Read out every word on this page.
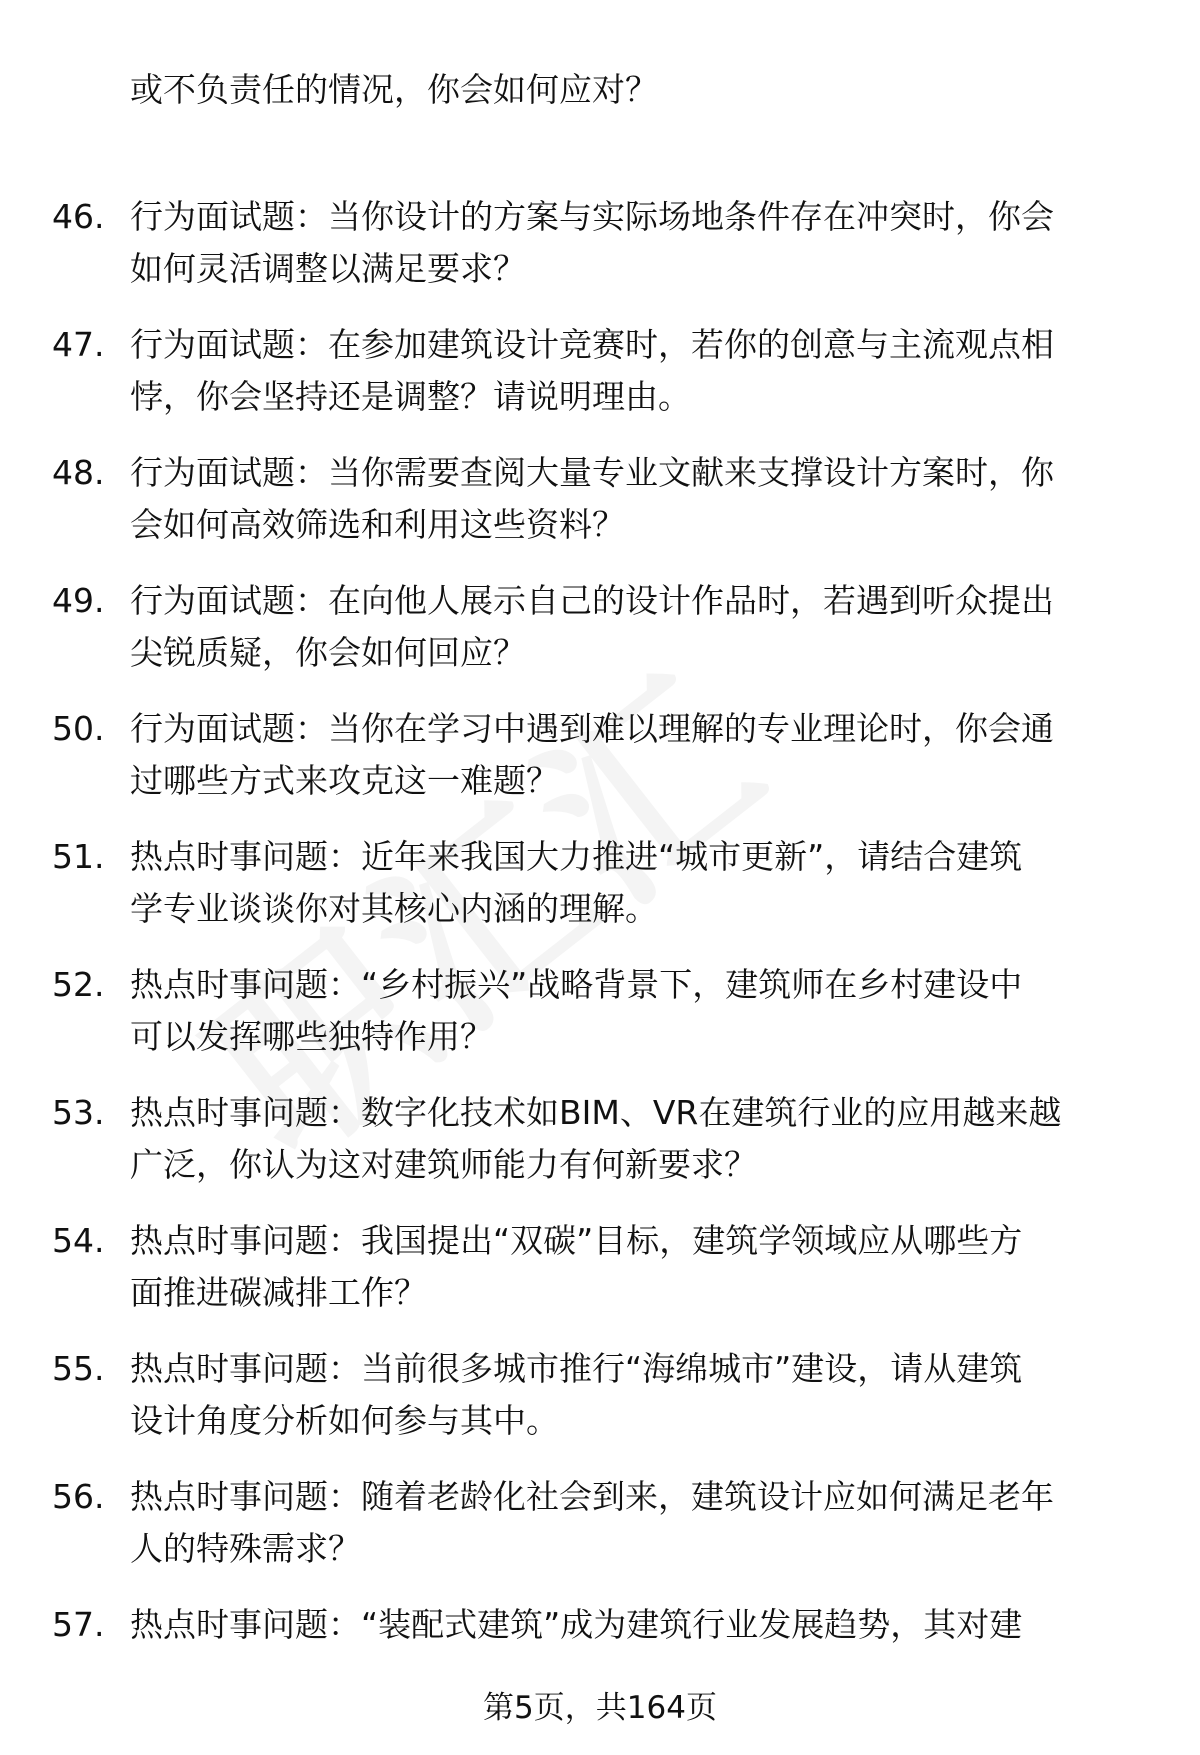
或不负责任的情况，你会如何应对？
46. 行为面试题：当你设计的方案与实际场地条件存在冲突时，你会
如何灵活调整以满足要求？
47. 行为面试题：在参加建筑设计竞赛时，若你的创意与主流观点相
悖，你会坚持还是调整？请说明理由。
48. 行为面试题：当你需要查阅大量专业文献来支撑设计方案时，你
会如何高效筛选和利用这些资料？
49. 行为面试题：在向他人展示自己的设计作品时，若遇到听众提出
尖锐质疑，你会如何回应？
50. 行为面试题：当你在学习中遇到难以理解的专业理论时，你会通
过哪些方式来攻克这一难题？
51. 热点时事问题：近年来我国大力推进“城市更新”，请结合建筑
学专业谈谈你对其核心内涵的理解。
52. 热点时事问题：“乡村振兴”战略背景下，建筑师在乡村建设中
可以发挥哪些独特作用？
53. 热点时事问题：数字化技术如BIM、VR在建筑行业的应用越来越
广泛，你认为这对建筑师能力有何新要求？
54. 热点时事问题：我国提出“双碳”目标，建筑学领域应从哪些方
面推进碳减排工作？
55. 热点时事问题：当前很多城市推行“海绵城市”建设，请从建筑
设计角度分析如何参与其中。
56. 热点时事问题：随着老龄化社会到来，建筑设计应如何满足老年
人的特殊需求？
57. 热点时事问题：“装配式建筑”成为建筑行业发展趋势，其对建
第5页，共164页
